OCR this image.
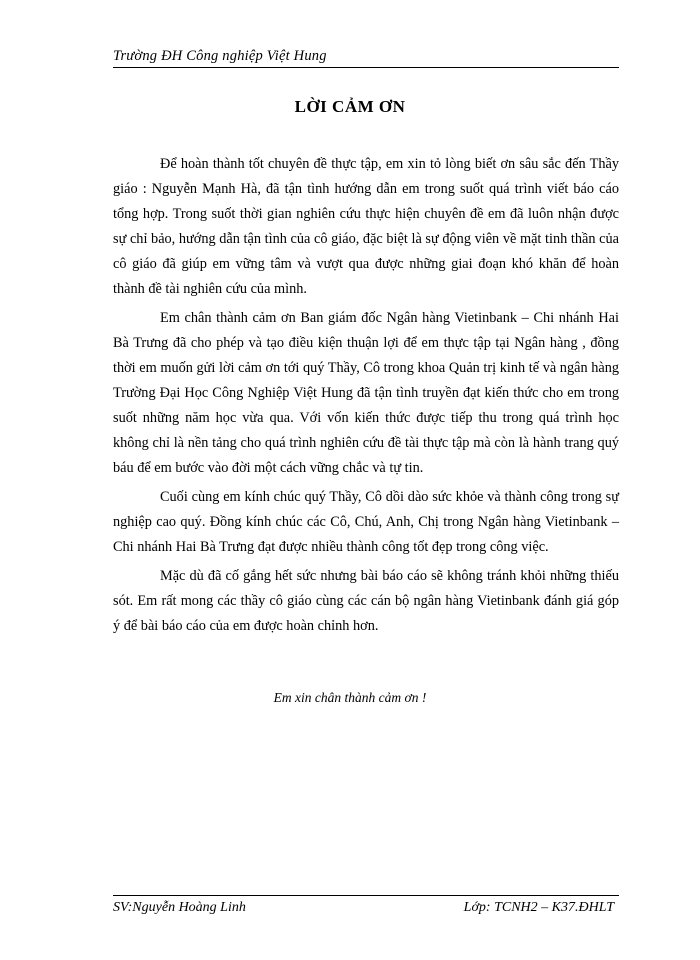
Trường ĐH Công nghiệp Việt Hung
LỜI CẢM ƠN

Để hoàn thành tốt chuyên đề thực tập, em xin tỏ lòng biết ơn sâu sắc đến Thầy giáo : Nguyễn Mạnh Hà, đã tận tình hướng dẫn em trong suốt quá trình viết báo cáo tổng hợp. Trong suốt thời gian nghiên cứu thực hiện chuyên đề em đã luôn nhận được sự chỉ bảo, hướng dẫn tận tình của cô giáo, đặc biệt là sự động viên về mặt tinh thần của cô giáo đã giúp em vững tâm và vượt qua được những giai đoạn khó khăn để hoàn thành đề tài nghiên cứu của mình.

Em chân thành cảm ơn Ban giám đốc Ngân hàng Vietinbank – Chi nhánh Hai Bà Trưng đã cho phép và tạo điều kiện thuận lợi để em thực tập tại Ngân hàng , đồng thời em muốn gửi lời cảm ơn tới quý Thầy, Cô trong khoa Quản trị kinh tế và ngân hàng Trường Đại Học Công Nghiệp Việt Hung đã tận tình truyền đạt kiến thức cho em trong suốt những năm học vừa qua. Với vốn kiến thức được tiếp thu trong quá trình học không chỉ là nền tảng cho quá trình nghiên cứu đề tài thực tập mà còn là hành trang quý báu để em bước vào đời một cách vững chắc và tự tin.

Cuối cùng em kính chúc quý Thầy, Cô dồi dào sức khỏe và thành công trong sự nghiệp cao quý. Đồng kính chúc các Cô, Chú, Anh, Chị trong Ngân hàng Vietinbank – Chi nhánh Hai Bà Trưng đạt được nhiều thành công tốt đẹp trong công việc.

Mặc dù đã cố gắng hết sức nhưng bài báo cáo sẽ không tránh khỏi những thiếu sót. Em rất mong các thầy cô giáo cùng các cán bộ ngân hàng Vietinbank đánh giá góp ý để bài báo cáo của em được hoàn chỉnh hơn.

Em xin chân thành cảm ơn !
SV:Nguyễn Hoàng Linh	Lớp: TCNH2 – K37.ĐHLT
